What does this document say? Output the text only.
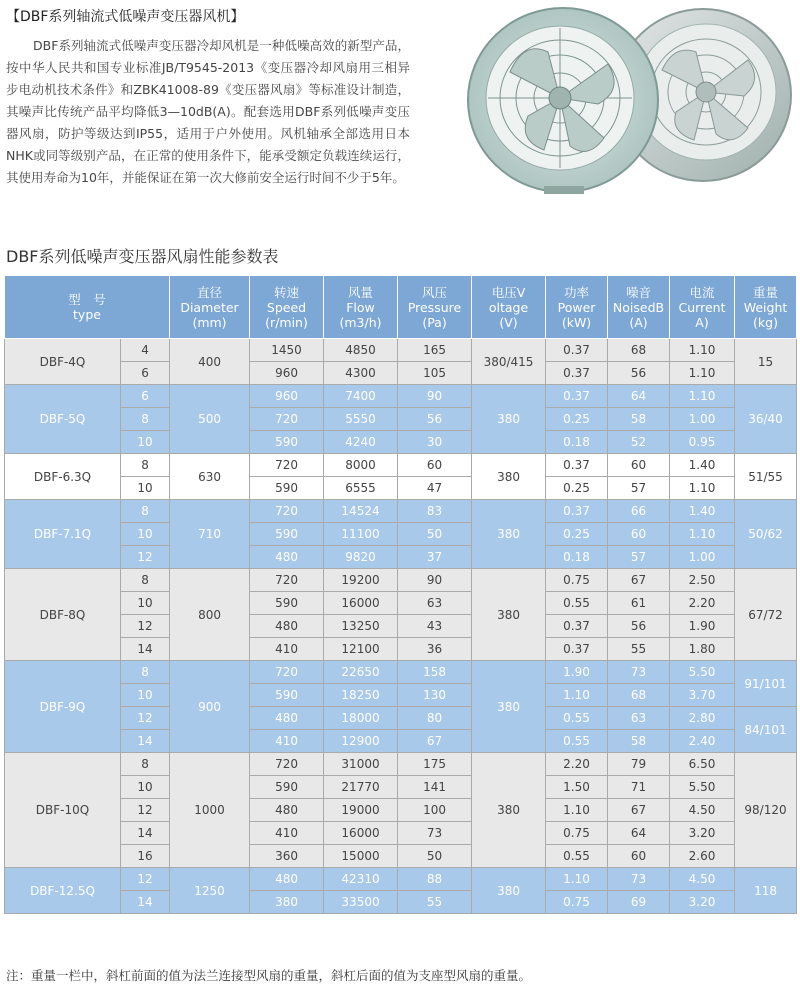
【DBF系列轴流式低噪声变压器风机】

DBF系列轴流式低噪声变压器冷却风机是一种低噪高效的新型产品，按中华人民共和国专业标准JB/T9545-2013《变压器冷却风扇用三相异步电动机技术条件》和ZBK41008-89《变压器风扇》等标准设计制造，其噪声比传统产品平均降低3—10dB(A)。配套选用DBF系列低噪声变压器风扇，防护等级达到IP55，适用于户外使用。风机轴承全部选用日本NHK或同等级别产品，在正常的使用条件下，能承受额定负载连续运行，其使用寿命为10年，并能保证在第一次大修前安全运行时间不少于5年。

DBF系列低噪声变压器风扇性能参数表
型　号
type		直径
Diameter
(mm)	转速
Speed
(r/min)	风量
Flow
(m3/h)	风压
Pressure
(Pa)	电压V
oltage
(V)	功率
Power
(kW)	噪音
NoisedB
(A)	电流
Current
A)	重量
Weight
(kg)
DBF-4Q	4	400	1450	4850	165	380/415	0.37	68	1.10	15
	6		960	4300	105		0.37	56	1.10	
DBF-5Q	6	500	960	7400	90	380	0.37	64	1.10	36/40
	8		720	5550	56		0.25	58	1.00	
	10		590	4240	30		0.18	52	0.95	
DBF-6.3Q	8	630	720	8000	60	380	0.37	60	1.40	51/55
	10		590	6555	47		0.25	57	1.10	
DBF-7.1Q	8	710	720	14524	83	380	0.37	66	1.40	50/62
	10		590	11100	50		0.25	60	1.10	
	12		480	9820	37		0.18	57	1.00	
DBF-8Q	8	800	720	19200	90	380	0.75	67	2.50	67/72
	10		590	16000	63		0.55	61	2.20	
	12		480	13250	43		0.37	56	1.90	
	14		410	12100	36		0.37	55	1.80	
DBF-9Q	8	900	720	22650	158	380	1.90	73	5.50	91/101
	10		590	18250	130		1.10	68	3.70	
	12		480	18000	80		0.55	63	2.80	84/101
	14		410	12900	67		0.55	58	2.40	
DBF-10Q	8	1000	720	31000	175	380	2.20	79	6.50	98/120
	10		590	21770	141		1.50	71	5.50	
	12		480	19000	100		1.10	67	4.50	
	14		410	16000	73		0.75	64	3.20	
	16		360	15000	50		0.55	60	2.60	
DBF-12.5Q	12	1250	480	42310	88	380	1.10	73	4.50	118
	14		380	33500	55		0.75	69	3.20	
注：重量一栏中，斜杠前面的值为法兰连接型风扇的重量，斜杠后面的值为支座型风扇的重量。
